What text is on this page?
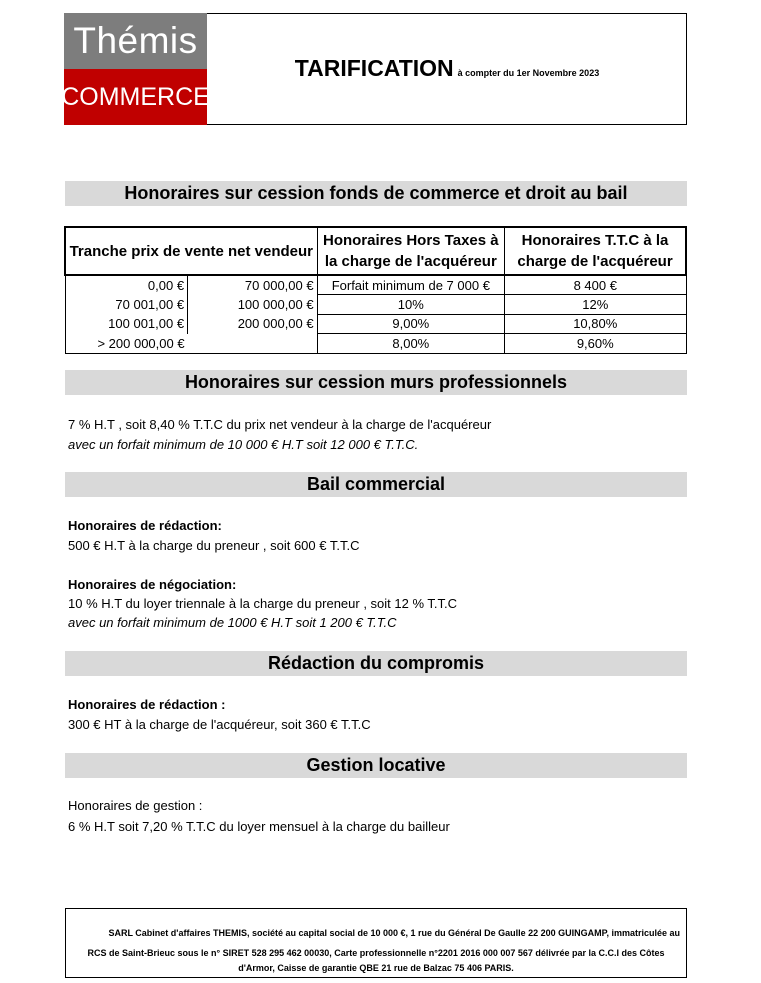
Thémis
COMMERCE
TARIFICATION à compter du 1er Novembre 2023
Honoraires sur cession fonds de commerce et droit au bail
Tranche prix de vente net vendeur		Honoraires Hors Taxes à la charge de l'acquéreur	Honoraires T.T.C à la charge de l'acquéreur
0,00 €	70 000,00 €	Forfait minimum de 7 000 €	8 400 €
70 001,00 €	100 000,00 €	10%	12%
100 001,00 €	200 000,00 €	9,00%	10,80%
> 200 000,00 €		8,00%	9,60%
Honoraires sur cession murs professionnels
7 % H.T , soit 8,40 % T.T.C du prix net vendeur à la charge de l'acquéreur
avec un forfait minimum de 10 000 € H.T soit 12 000 € T.T.C.
Bail commercial
Honoraires de rédaction:
500 € H.T à la charge du preneur , soit 600 € T.T.C
Honoraires de négociation:
10 % H.T du loyer triennale à la charge du preneur , soit 12 % T.T.C
avec un forfait minimum de 1000 € H.T soit 1 200 € T.T.C
Rédaction du compromis
Honoraires de rédaction :
300 € HT à la charge de l'acquéreur, soit 360 € T.T.C
Gestion locative
Honoraires de gestion :
6 % H.T soit 7,20 % T.T.C du loyer mensuel à la charge du bailleur
SARL Cabinet d'affaires THEMIS, société au capital social de 10 000 €, 1 rue du Général De Gaulle 22 200 GUINGAMP, immatriculée au
RCS de Saint-Brieuc sous le n° SIRET 528 295 462 00030, Carte professionnelle n°2201 2016 000 007 567 délivrée par la C.C.I des Côtes
d'Armor, Caisse de garantie QBE 21 rue de Balzac 75 406 PARIS.
